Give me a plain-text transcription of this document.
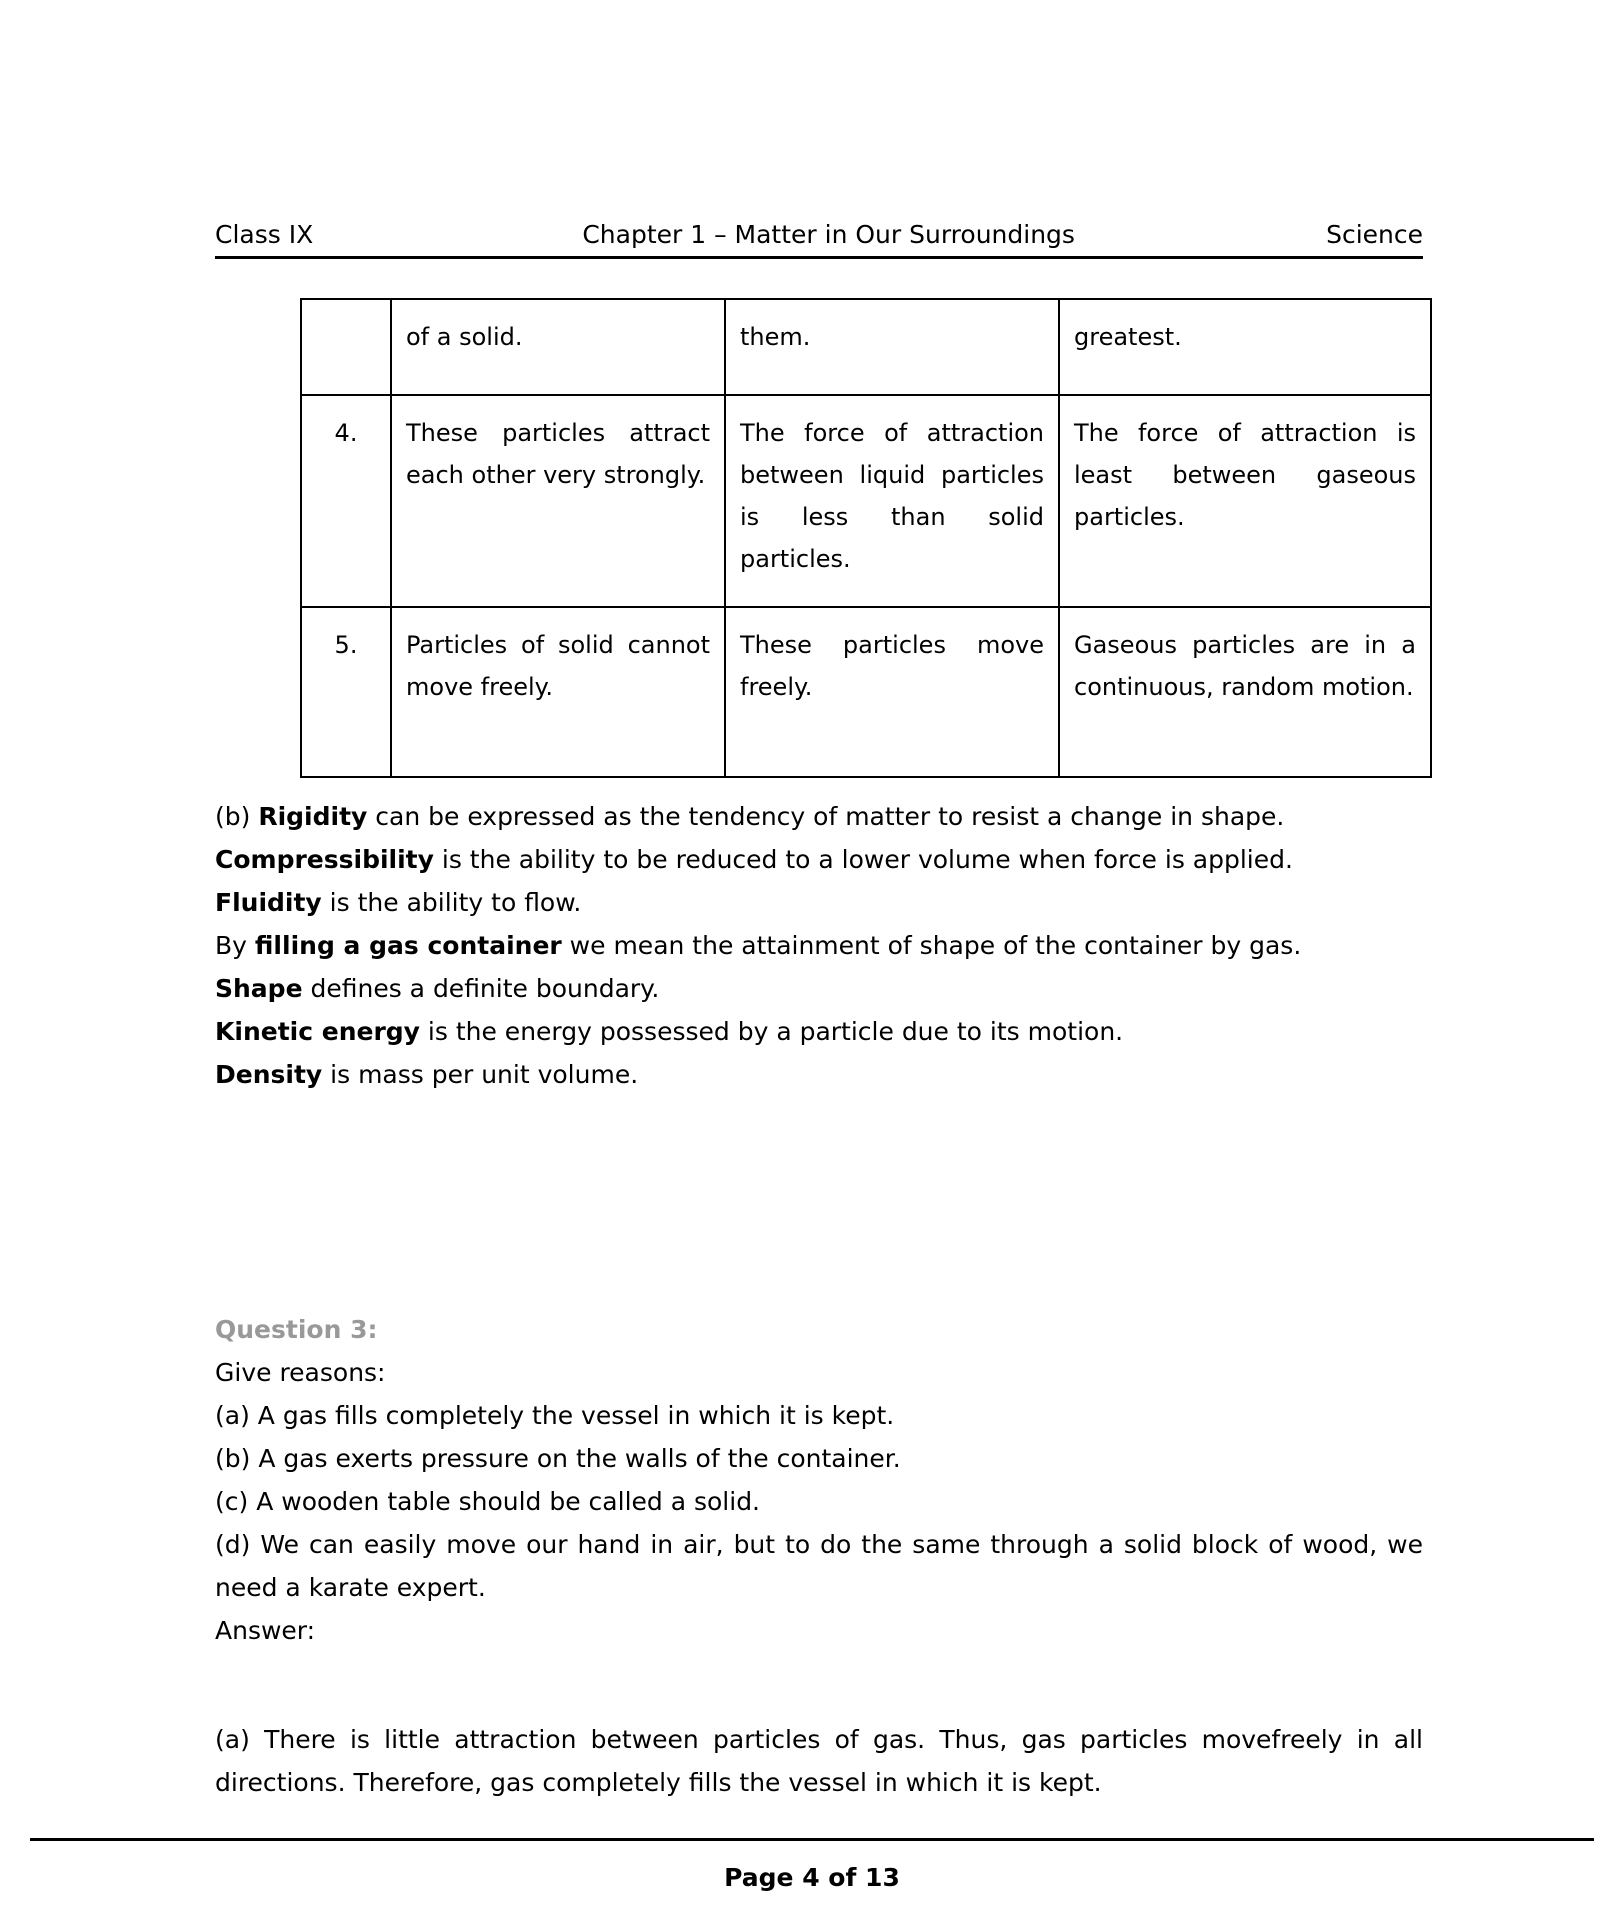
Class IX	Chapter 1 – Matter in Our Surroundings	Science
	of a solid.	them.	greatest.
4.	These particles attract each other very strongly.	The force of attraction between liquid particles is less than solid particles.	The force of attraction is least between gaseous particles.
5.	Particles of solid cannot move freely.	These particles move freely.	Gaseous particles are in a continuous, random motion.

(b) Rigidity can be expressed as the tendency of matter to resist a change in shape.

Compressibility is the ability to be reduced to a lower volume when force is applied.

Fluidity is the ability to flow.

By filling a gas container we mean the attainment of shape of the container by gas.

Shape defines a definite boundary.

Kinetic energy is the energy possessed by a particle due to its motion.

Density is mass per unit volume.

Question 3:

Give reasons:

(a) A gas fills completely the vessel in which it is kept.

(b) A gas exerts pressure on the walls of the container.

(c) A wooden table should be called a solid.

(d) We can easily move our hand in air, but to do the same through a solid block of wood, we need a karate expert.

Answer:

(a) There is little attraction between particles of gas. Thus, gas particles movefreely in all directions. Therefore, gas completely fills the vessel in which it is kept.

Page 4 of 13
